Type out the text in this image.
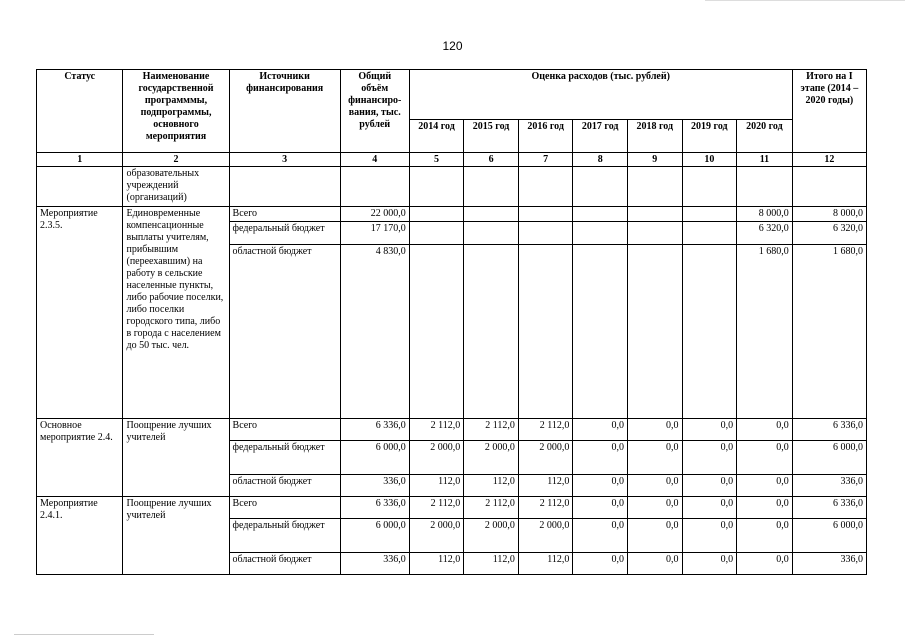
120
Статус	Наименование государственной программмы, подпрограммы, основного мероприятия	Источники финансирования	Общий объём финансиро-вания, тыс. рублей	Оценка расходов (тыс. рублей)							Итого на I этапе (2014 – 2020 годы)
				2014 год	2015 год	2016 год	2017 год	2018 год	2019 год	2020 год	
1	2	3	4	5	6	7	8	9	10	11	12
	образовательных учреждений (организаций)										
Мероприятие 2.3.5.	Единовременные компенсационные выплаты учителям, прибывшим (переехавшим) на работу в сельские населенные пункты, либо рабочие поселки, либо поселки городского типа, либо в города с населением до 50 тыс. чел.	Всего	22 000,0							8 000,0	8 000,0
		федеральный бюджет	17 170,0							6 320,0	6 320,0
		областной бюджет	4 830,0							1 680,0	1 680,0
Основное мероприятие 2.4.	Поощрение лучших учителей	Всего	6 336,0	2 112,0	2 112,0	2 112,0	0,0	0,0	0,0	0,0	6 336,0
		федеральный бюджет	6 000,0	2 000,0	2 000,0	2 000,0	0,0	0,0	0,0	0,0	6 000,0
		областной бюджет	336,0	112,0	112,0	112,0	0,0	0,0	0,0	0,0	336,0
Мероприятие 2.4.1.	Поощрение лучших учителей	Всего	6 336,0	2 112,0	2 112,0	2 112,0	0,0	0,0	0,0	0,0	6 336,0
		федеральный бюджет	6 000,0	2 000,0	2 000,0	2 000,0	0,0	0,0	0,0	0,0	6 000,0
		областной бюджет	336,0	112,0	112,0	112,0	0,0	0,0	0,0	0,0	336,0
